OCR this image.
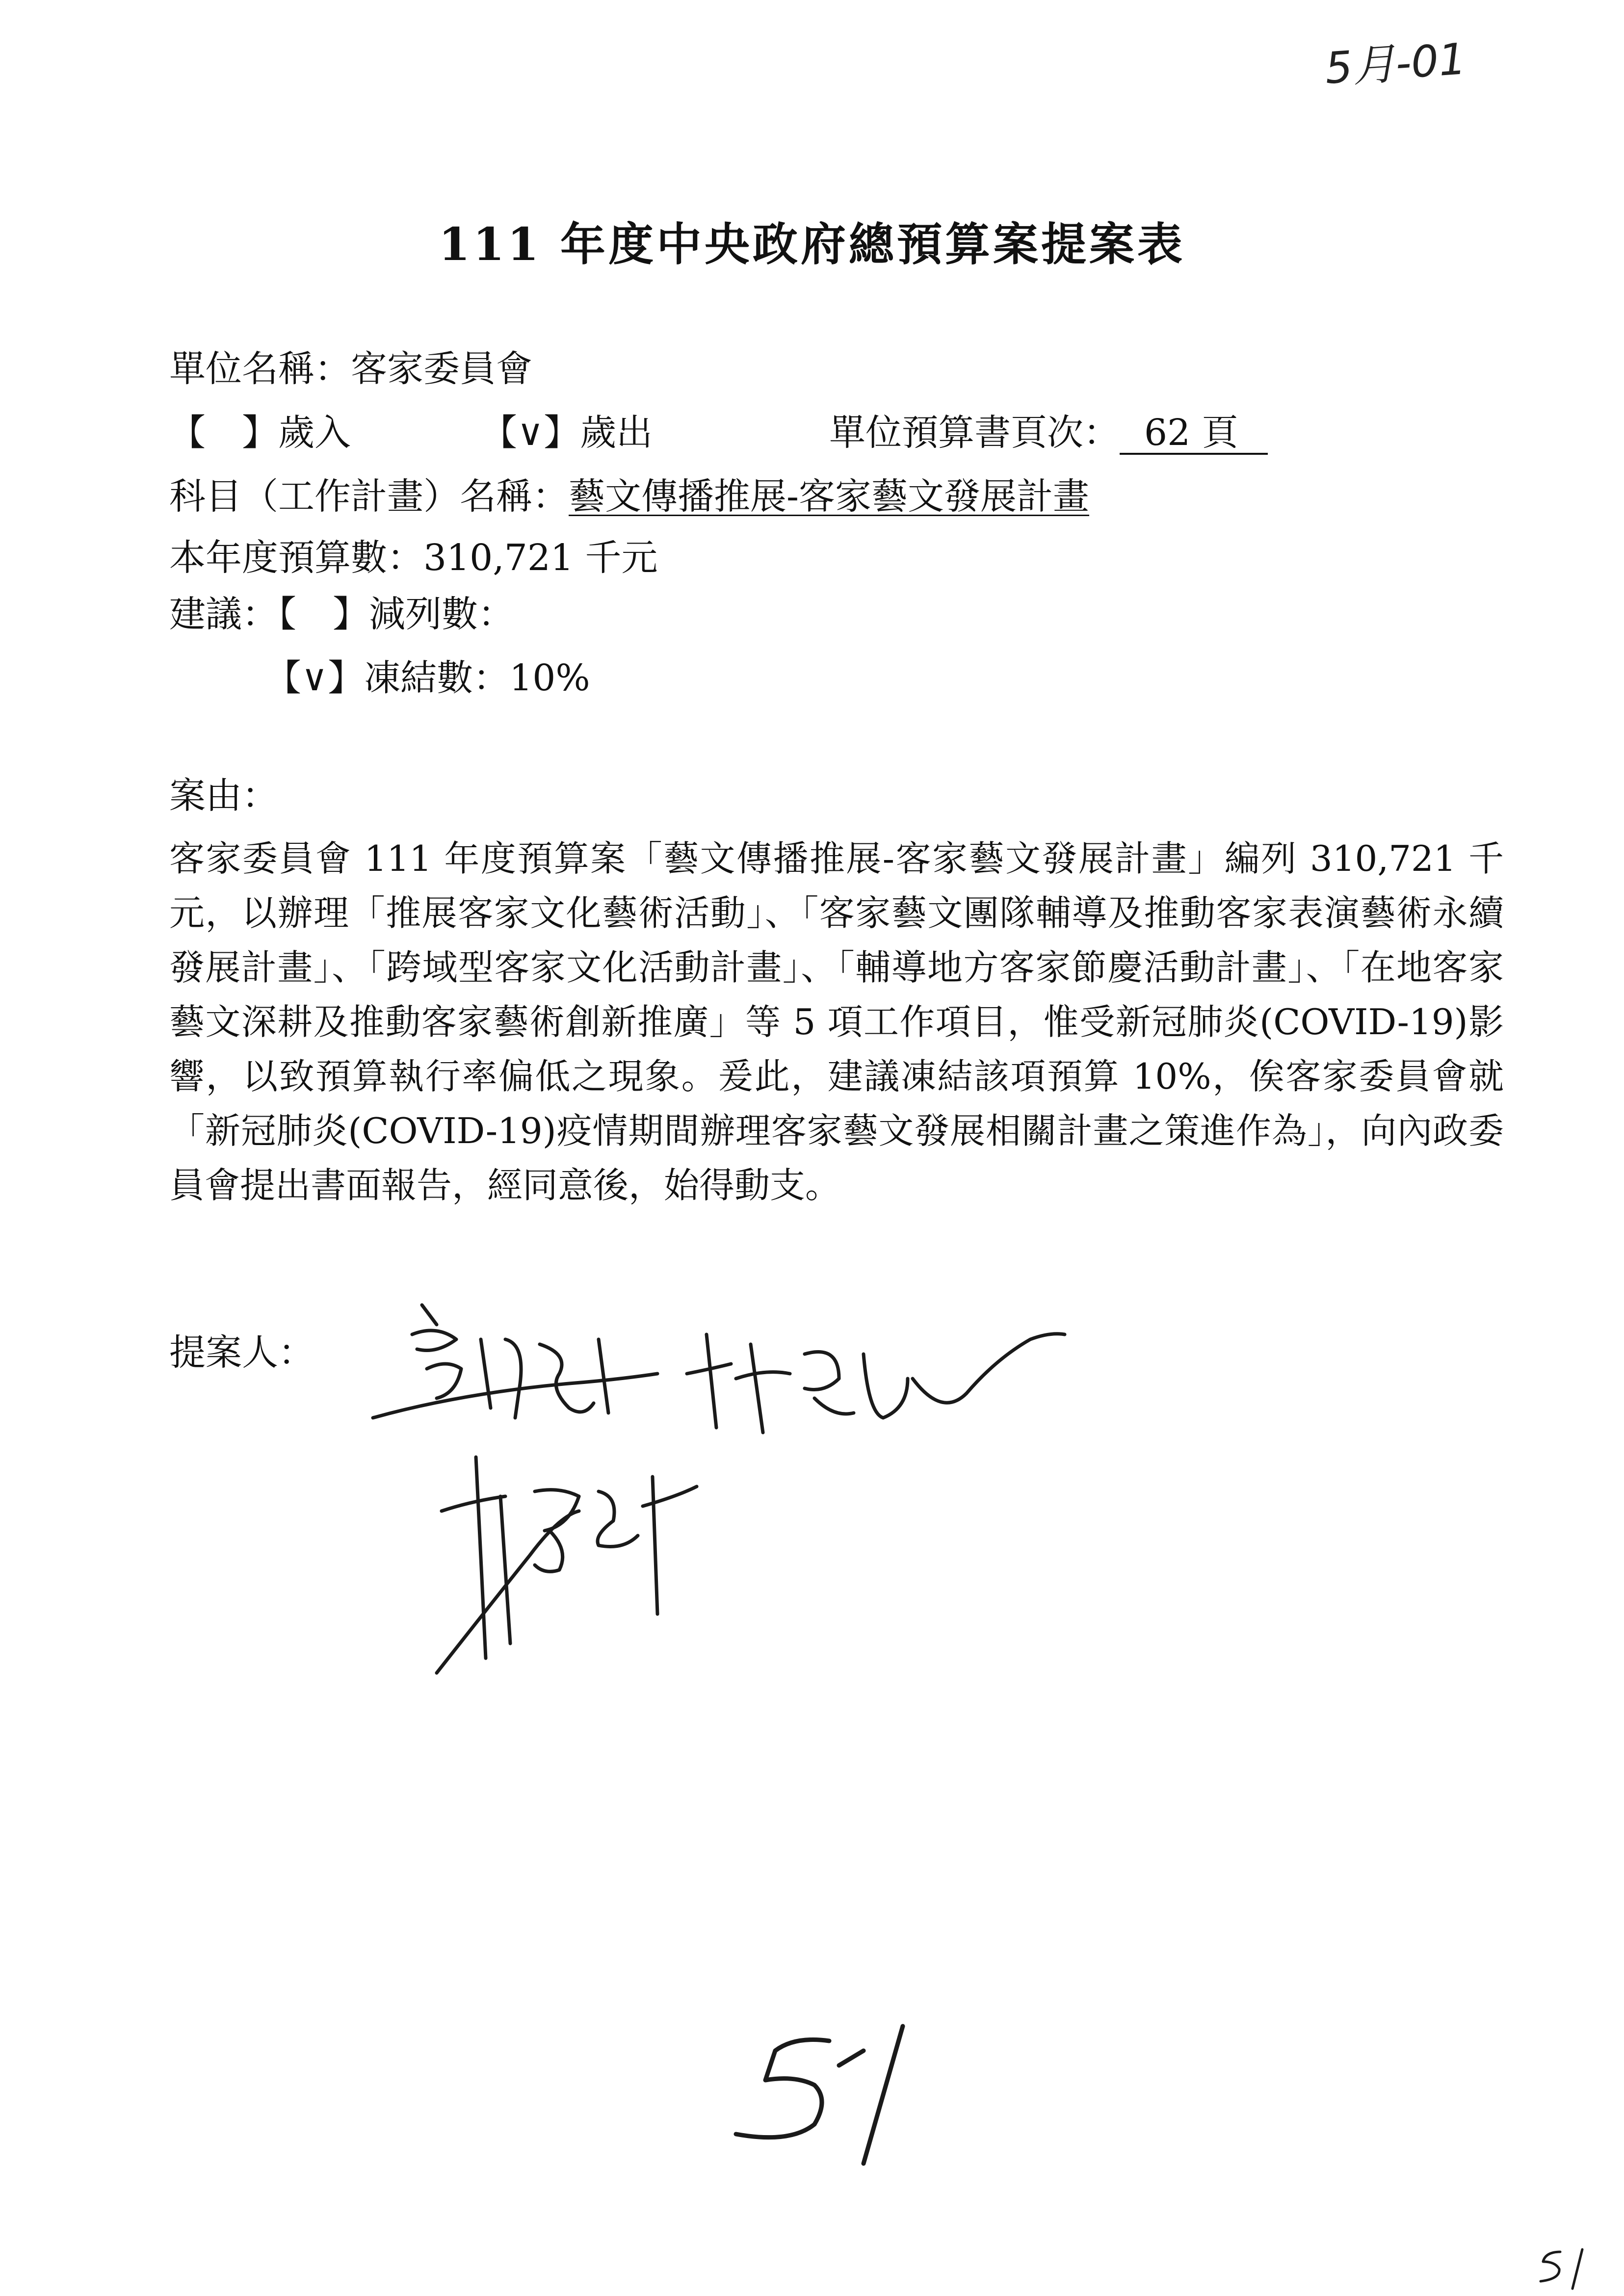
5月-01
111 年度中央政府總預算案提案表
單位名稱：客家委員會
【　】歲入	【∨】歲出	單位預算書頁次： 62 頁
科目（工作計畫）名稱：藝文傳播推展-客家藝文發展計畫
本年度預算數：310,721 千元
建議：【　】減列數：
【∨】凍結數：10%
案由：
客家委員會 111 年度預算案「藝文傳播推展-客家藝文發展計畫」編列 310,721 千元，以辦理「推展客家文化藝術活動」、「客家藝文團隊輔導及推動客家表演藝術永續發展計畫」、「跨域型客家文化活動計畫」、「輔導地方客家節慶活動計畫」、「在地客家藝文深耕及推動客家藝術創新推廣」等 5 項工作項目，惟受新冠肺炎(COVID-19)影響，以致預算執行率偏低之現象。爰此，建議凍結該項預算 10%，俟客家委員會就「新冠肺炎(COVID-19)疫情期間辦理客家藝文發展相關計畫之策進作為」，向內政委員會提出書面報告，經同意後，始得動支。
提案人：
